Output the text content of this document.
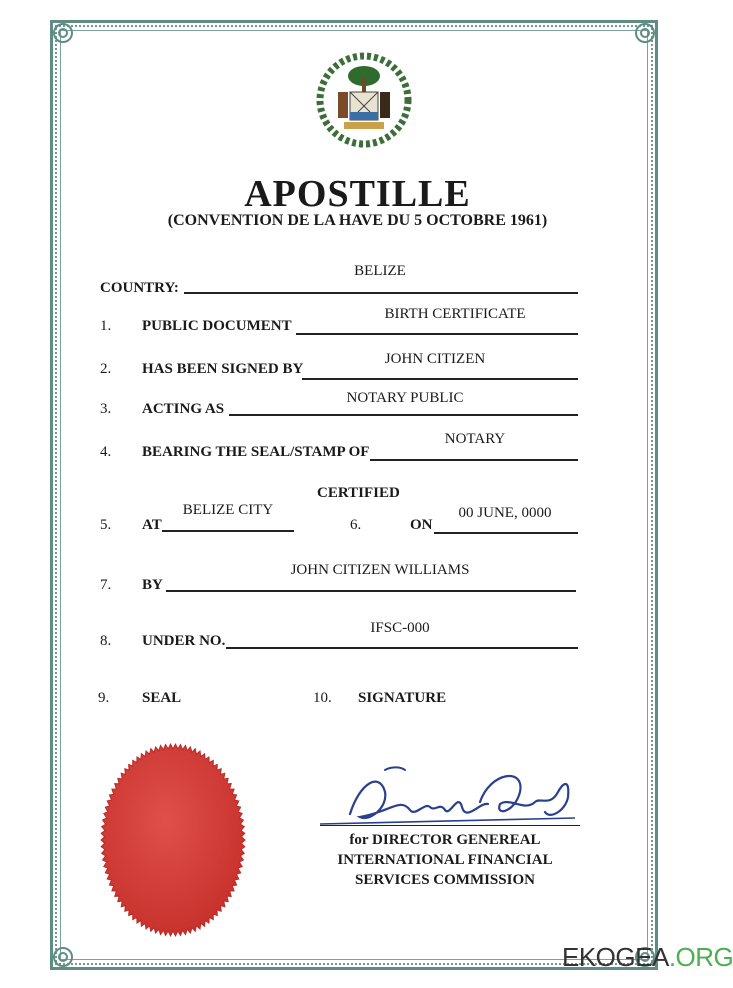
APOSTILLE
(CONVENTION DE LA HAVE DU 5 OCTOBRE 1961)
BELIZE
COUNTRY:
1. PUBLIC DOCUMENT
BIRTH CERTIFICATE
2. HAS BEEN SIGNED BY
JOHN CITIZEN
3. ACTING AS
NOTARY PUBLIC
4. BEARING THE SEAL/STAMP OF
NOTARY
CERTIFIED
5. AT
BELIZE CITY
6.	ON
00 JUNE, 0000
7. BY
JOHN CITIZEN WILLIAMS
8. UNDER NO.
IFSC-000
9. SEAL	10. SIGNATURE
for DIRECTOR GENEREAL
INTERNATIONAL FINANCIAL
SERVICES COMMISSION
EKOGEA.ORG
